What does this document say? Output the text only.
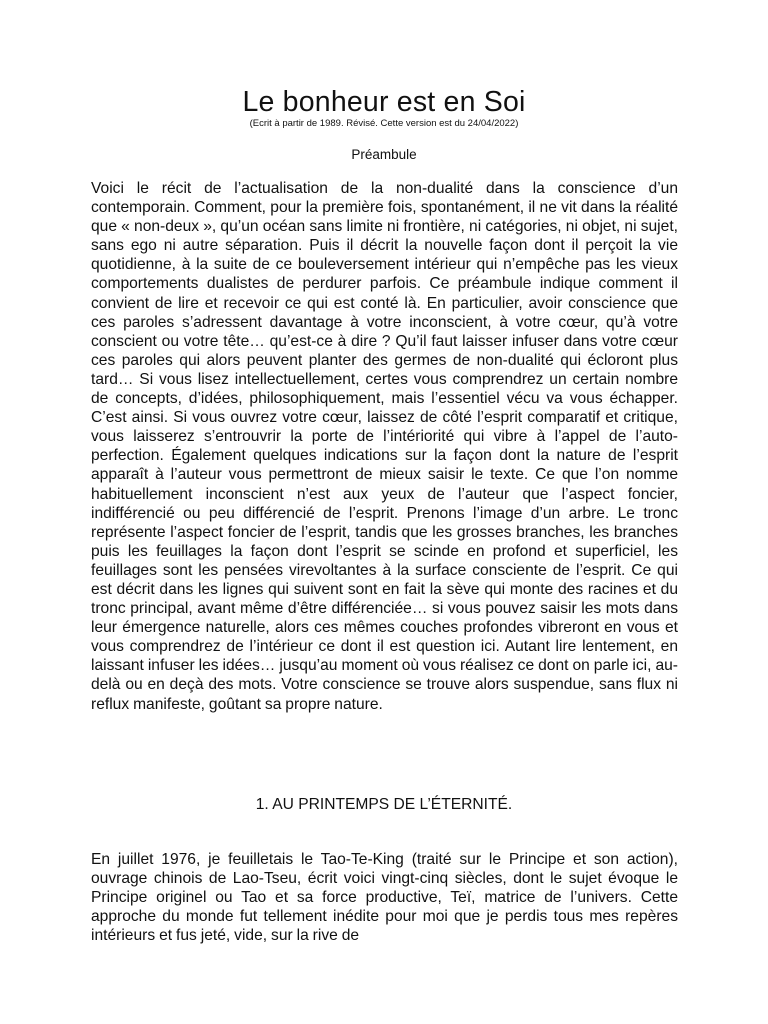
Le bonheur est en Soi

(Ecrit à partir de 1989. Révisé. Cette version est du 24/04/2022)

Préambule

Voici le récit de l’actualisation de la non-dualité dans la conscience d’un contemporain. Comment, pour la première fois, spontanément, il ne vit dans la réalité que « non-deux », qu’un océan sans limite ni frontière, ni catégories, ni objet, ni sujet, sans ego ni autre séparation. Puis il décrit la nouvelle façon dont il perçoit la vie quotidienne, à la suite de ce bouleversement intérieur qui n’empêche pas les vieux comportements dualistes de perdurer parfois. Ce préambule indique comment il convient de lire et recevoir ce qui est conté là. En particulier, avoir conscience que ces paroles s’adressent davantage à votre inconscient, à votre cœur, qu’à votre conscient ou votre tête… qu’est-ce à dire ? Qu’il faut laisser infuser dans votre cœur ces paroles qui alors peuvent planter des germes de non-dualité qui écloront plus tard… Si vous lisez intellectuellement, certes vous comprendrez un certain nombre de concepts, d’idées, philosophiquement, mais l’essentiel vécu va vous échapper. C’est ainsi. Si vous ouvrez votre cœur, laissez de côté l’esprit comparatif et critique, vous laisserez s’entrouvrir la porte de l’intériorité qui vibre à l’appel de l’auto-perfection. Également quelques indications sur la façon dont la nature de l’esprit apparaît à l’auteur vous permettront de mieux saisir le texte. Ce que l’on nomme habituellement inconscient n’est aux yeux de l’auteur que l’aspect foncier, indifférencié ou peu différencié de l’esprit. Prenons l’image d’un arbre. Le tronc représente l’aspect foncier de l’esprit, tandis que les grosses branches, les branches puis les feuillages la façon dont l’esprit se scinde en profond et superficiel, les feuillages sont les pensées virevoltantes à la surface consciente de l’esprit. Ce qui est décrit dans les lignes qui suivent sont en fait la sève qui monte des racines et du tronc principal, avant même d’être différenciée… si vous pouvez saisir les mots dans leur émergence naturelle, alors ces mêmes couches profondes vibreront en vous et vous comprendrez de l’intérieur ce dont il est question ici. Autant lire lentement, en laissant infuser les idées… jusqu’au moment où vous réalisez ce dont on parle ici, au-delà ou en deçà des mots. Votre conscience se trouve alors suspendue, sans flux ni reflux manifeste, goûtant sa propre nature.

1. AU PRINTEMPS DE L’ÉTERNITÉ.

En juillet 1976, je feuilletais le Tao-Te-King (traité sur le Principe et son action), ouvrage chinois de Lao-Tseu, écrit voici vingt-cinq siècles, dont le sujet évoque le Principe originel ou Tao et sa force productive, Teï, matrice de l’univers. Cette approche du monde fut tellement inédite pour moi que je perdis tous mes repères intérieurs et fus jeté, vide, sur la rive de
